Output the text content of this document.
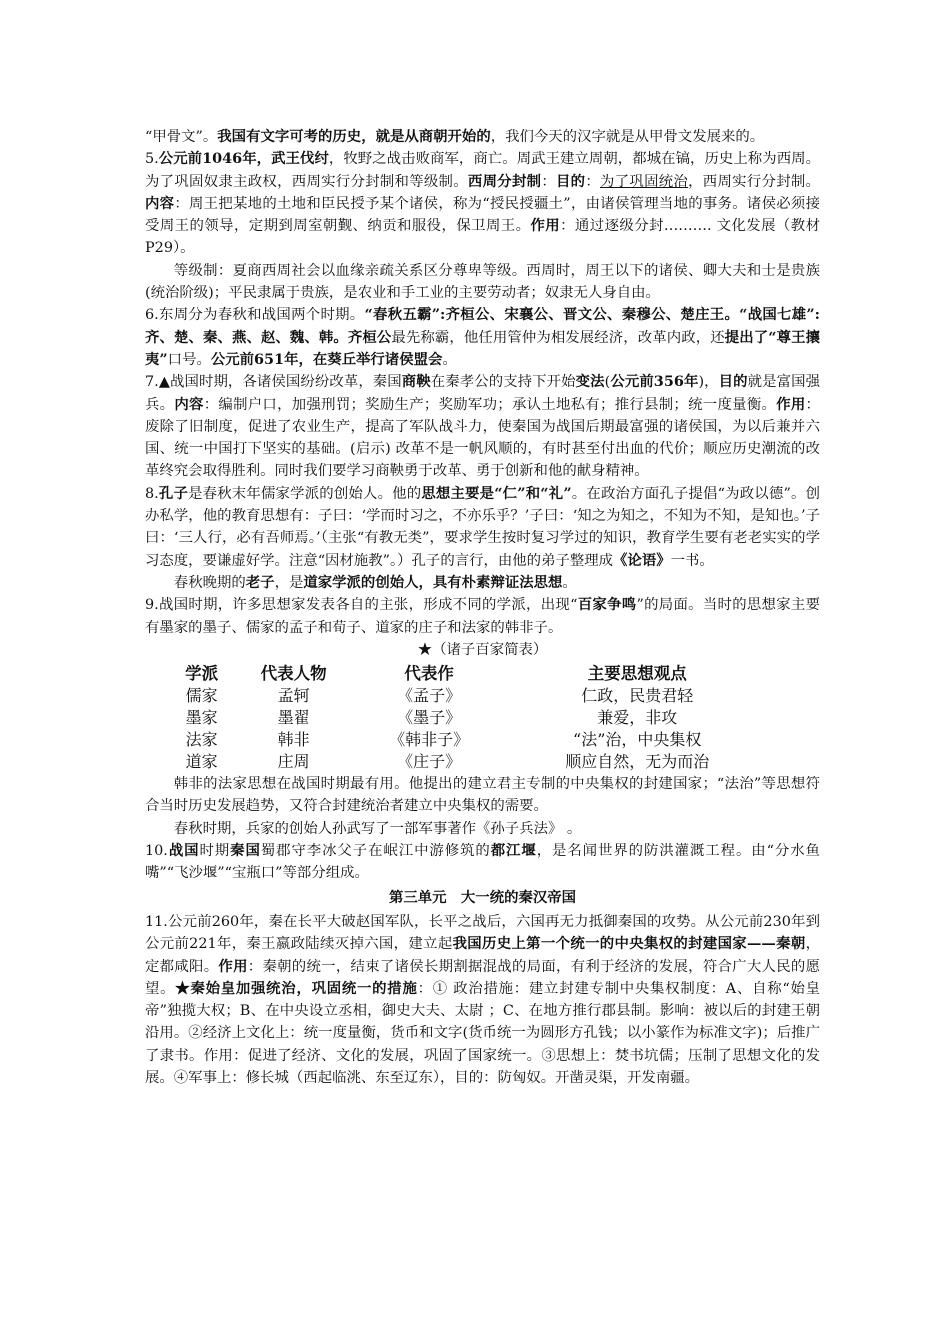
“甲骨文”。我国有文字可考的历史，就是从商朝开始的，我们今天的汉字就是从甲骨文发展来的。

5.公元前1046年，武王伐纣，牧野之战击败商军，商亡。周武王建立周朝，都城在镐，历史上称为西周。为了巩固奴隶主政权，西周实行分封制和等级制。西周分封制：目的：为了巩固统治，西周实行分封制。内容：周王把某地的土地和臣民授予某个诸侯，称为“授民授疆土”，由诸侯管理当地的事务。诸侯必须接受周王的领导，定期到周室朝觐、纳贡和服役，保卫周王。作用：通过逐级分封………. 文化发展（教材P29）。

等级制：夏商西周社会以血缘亲疏关系区分尊卑等级。西周时，周王以下的诸侯、卿大夫和士是贵族(统治阶级)；平民隶属于贵族，是农业和手工业的主要劳动者；奴隶无人身自由。

6.东周分为春秋和战国两个时期。“春秋五霸”:齐桓公、宋襄公、晋文公、秦穆公、楚庄王。“战国七雄”:齐、楚、秦、燕、赵、魏、韩。齐桓公最先称霸，他任用管仲为相发展经济，改革内政，还提出了“尊王攘夷”口号。公元前651年，在葵丘举行诸侯盟会。

7.▲战国时期，各诸侯国纷纷改革，秦国商鞅在秦孝公的支持下开始变法(公元前356年)，目的就是富国强兵。内容：编制户口，加强刑罚；奖励生产；奖励军功；承认土地私有；推行县制；统一度量衡。作用：废除了旧制度，促进了农业生产，提高了军队战斗力，使秦国为战国后期最富强的诸侯国，为以后兼并六国、统一中国打下坚实的基础。(启示) 改革不是一帆风顺的，有时甚至付出血的代价；顺应历史潮流的改革终究会取得胜利。同时我们要学习商鞅勇于改革、勇于创新和他的献身精神。

8.孔子是春秋末年儒家学派的创始人。他的思想主要是“仁”和“礼”。在政治方面孔子提倡“为政以德”。创办私学，他的教育思想有：子曰：‘学而时习之，不亦乐乎？’子曰：‘知之为知之，不知为不知，是知也。’子曰：‘三人行，必有吾师焉。’（主张“有教无类”，要求学生按时复习学过的知识，教育学生要有老老实实的学习态度，要谦虚好学。注意“因材施教”。）孔子的言行，由他的弟子整理成《论语》一书。

春秋晚期的老子，是道家学派的创始人，具有朴素辩证法思想。

9.战国时期，许多思想家发表各自的主张，形成不同的学派，出现“百家争鸣”的局面。当时的思想家主要有墨家的墨子、儒家的孟子和荀子、道家的庄子和法家的韩非子。

★（诸子百家简表）

学派	代表人物	代表作	主要思想观点
儒家	孟轲	《孟子》	仁政，民贵君轻
墨家	墨翟	《墨子》	兼爱，非攻
法家	韩非	《韩非子》	“法”治，中央集权
道家	庄周	《庄子》	顺应自然，无为而治

韩非的法家思想在战国时期最有用。他提出的建立君主专制的中央集权的封建国家；“法治”等思想符合当时历史发展趋势，又符合封建统治者建立中央集权的需要。

春秋时期，兵家的创始人孙武写了一部军事著作《孙子兵法》 。

10.战国时期秦国蜀郡守李冰父子在岷江中游修筑的都江堰，是名闻世界的防洪灌溉工程。由“分水鱼嘴”“飞沙堰”“宝瓶口”等部分组成。

第三单元　大一统的秦汉帝国

11.公元前260年，秦在长平大破赵国军队，长平之战后，六国再无力抵御秦国的攻势。从公元前230年到公元前221年，秦王嬴政陆续灭掉六国，建立起我国历史上第一个统一的中央集权的封建国家——秦朝，定都咸阳。作用：秦朝的统一，结束了诸侯长期割据混战的局面，有利于经济的发展，符合广大人民的愿望。★秦始皇加强统治，巩固统一的措施：① 政治措施：建立封建专制中央集权制度：A、自称“始皇帝”独揽大权；B、在中央设立丞相，御史大夫、太尉 ；C、在地方推行郡县制。影响：被以后的封建王朝沿用。②经济上文化上：统一度量衡，货币和文字(货币统一为圆形方孔钱；以小篆作为标准文字)；后推广了隶书。作用：促进了经济、文化的发展，巩固了国家统一。③思想上：焚书坑儒；压制了思想文化的发展。④军事上：修长城（西起临洮、东至辽东），目的：防匈奴。开凿灵渠，开发南疆。
